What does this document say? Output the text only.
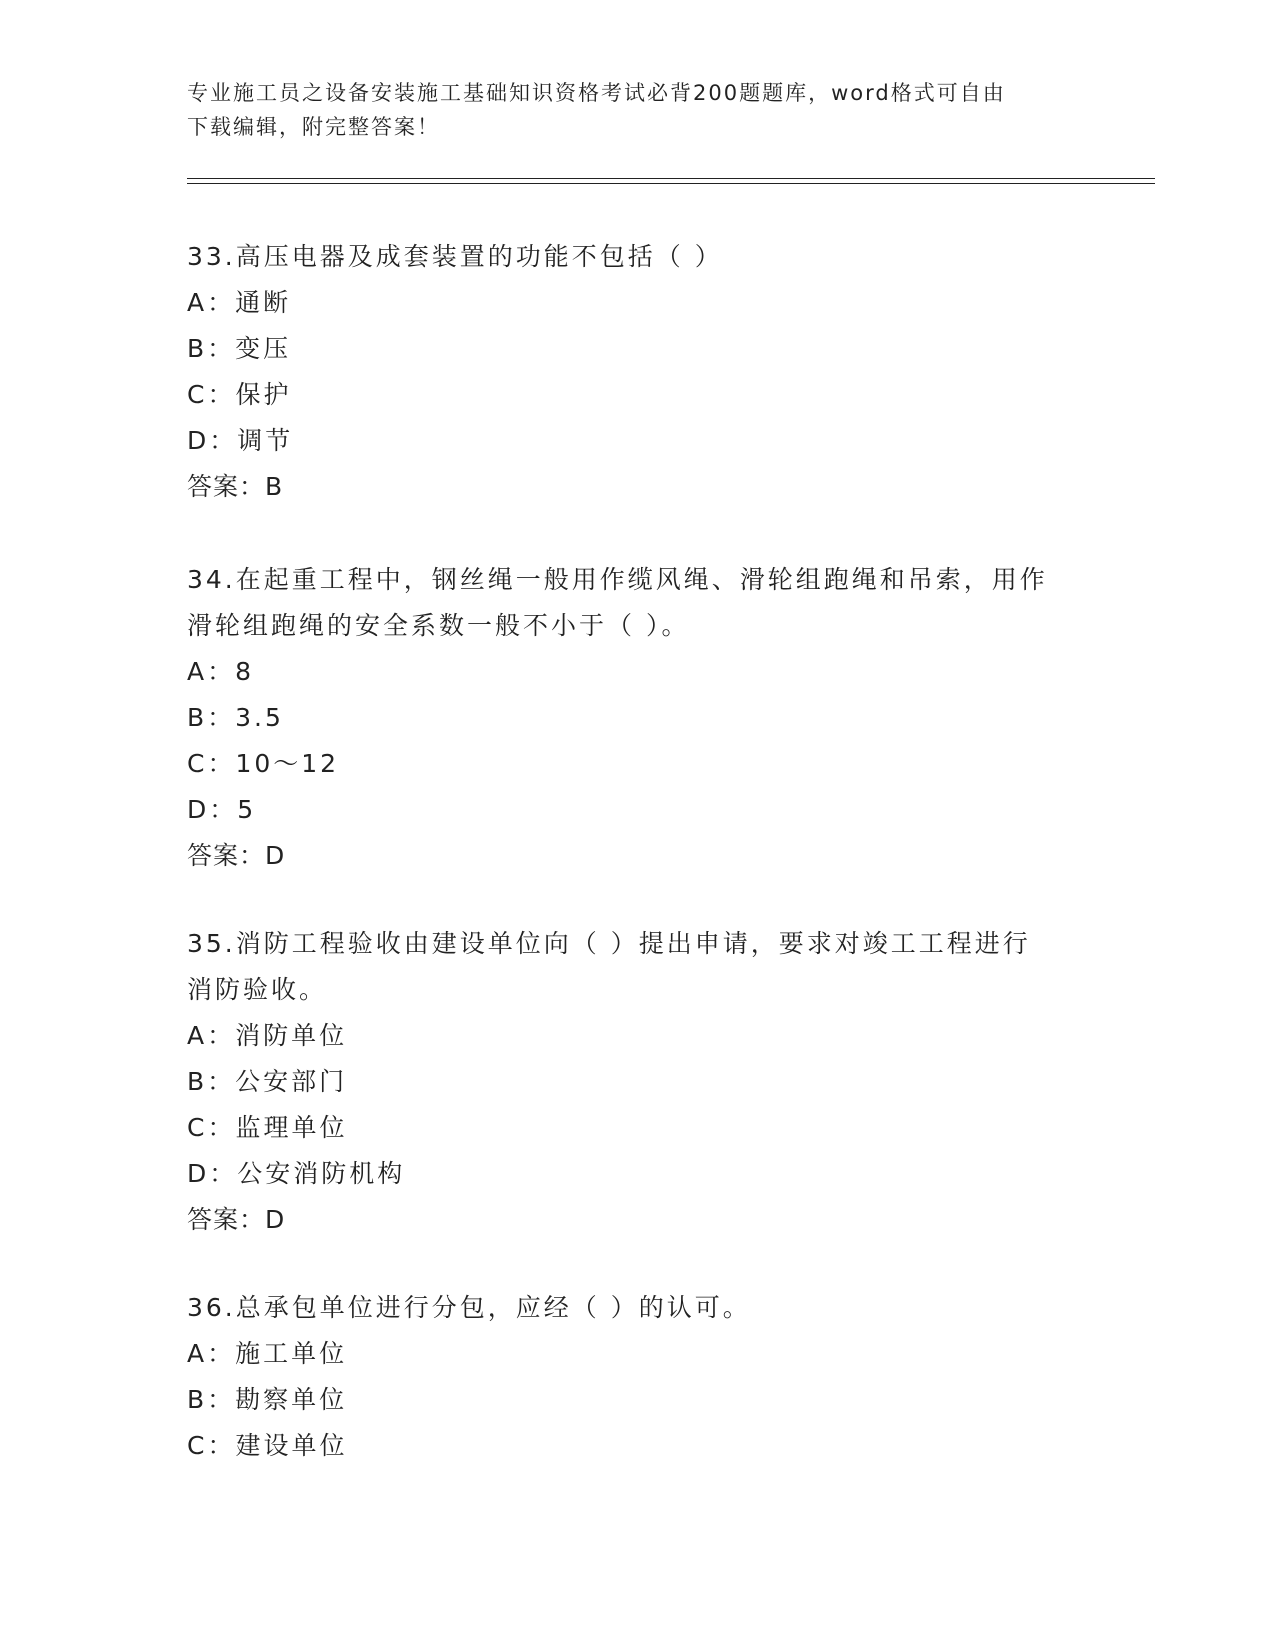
专业施工员之设备安装施工基础知识资格考试必背200题题库，word格式可自由
下载编辑，附完整答案！
33.高压电器及成套装置的功能不包括（ ）
A：通断
B：变压
C：保护
D：调节
答案：B
34.在起重工程中，钢丝绳一般用作缆风绳、滑轮组跑绳和吊索，用作
滑轮组跑绳的安全系数一般不小于（ ）。
A：8
B：3.5
C：10～12
D：5
答案：D
35.消防工程验收由建设单位向（ ）提出申请，要求对竣工工程进行
消防验收。
A：消防单位
B：公安部门
C：监理单位
D：公安消防机构
答案：D
36.总承包单位进行分包，应经（ ）的认可。
A：施工单位
B：勘察单位
C：建设单位
